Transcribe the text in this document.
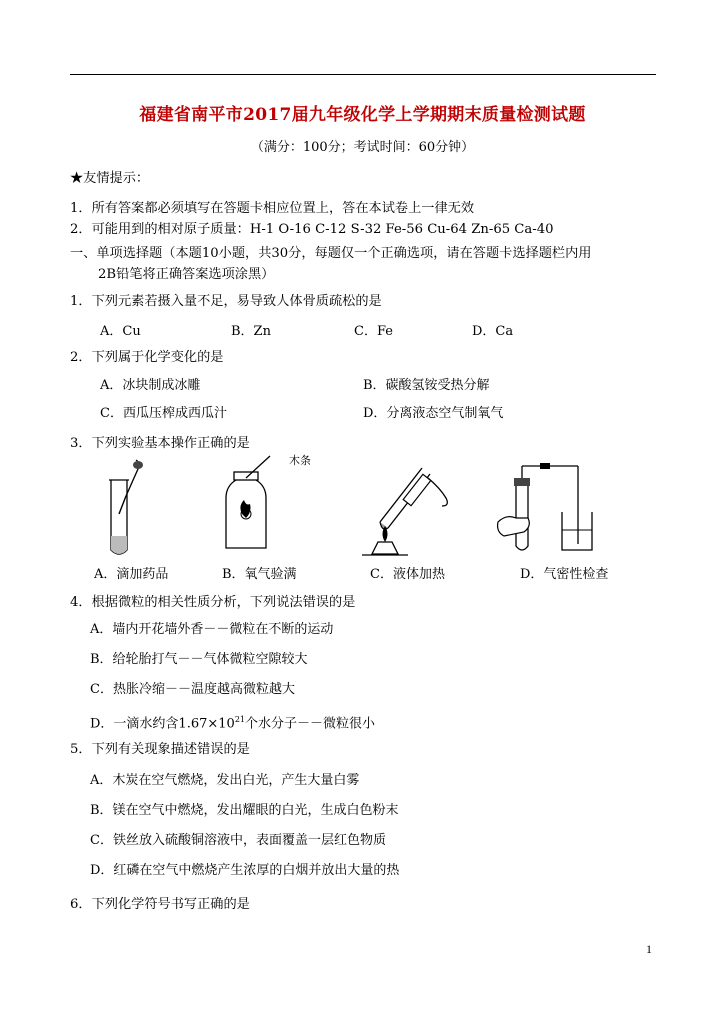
福建省南平市2017届九年级化学上学期期末质量检测试题
（满分：100分；考试时间：60分钟）
★友情提示：
1．所有答案都必须填写在答题卡相应位置上，答在本试卷上一律无效
2．可能用到的相对原子质量：H-1 O-16 C-12 S-32 Fe-56 Cu-64 Zn-65 Ca-40
一、单项选择题（本题10小题，共30分，每题仅一个正确选项，请在答题卡选择题栏内用
2B铅笔将正确答案选项涂黑）
1．下列元素若摄入量不足，易导致人体骨质疏松的是
A．Cu	B．Zn	C．Fe	D．Ca
2．下列属于化学变化的是
A．冰块制成冰雕	B．碳酸氢铵受热分解
C．西瓜压榨成西瓜汁	D．分离液态空气制氧气
3．下列实验基本操作正确的是
A．滴加药品
木条
B．氧气验满	C．液体加热	D．气密性检查
4．根据微粒的相关性质分析，下列说法错误的是
A．墙内开花墙外香－－微粒在不断的运动
B．给轮胎打气－－气体微粒空隙较大
C．热胀冷缩－－温度越高微粒越大
D．一滴水约含$1.67\times 10^{21}$个水分子－－微粒很小
5．下列有关现象描述错误的是
A．木炭在空气燃烧，发出白光，产生大量白雾
B．镁在空气中燃烧，发出耀眼的白光，生成白色粉末
C．铁丝放入硫酸铜溶液中，表面覆盖一层红色物质
D．红磷在空气中燃烧产生浓厚的白烟并放出大量的热
6．下列化学符号书写正确的是
1
